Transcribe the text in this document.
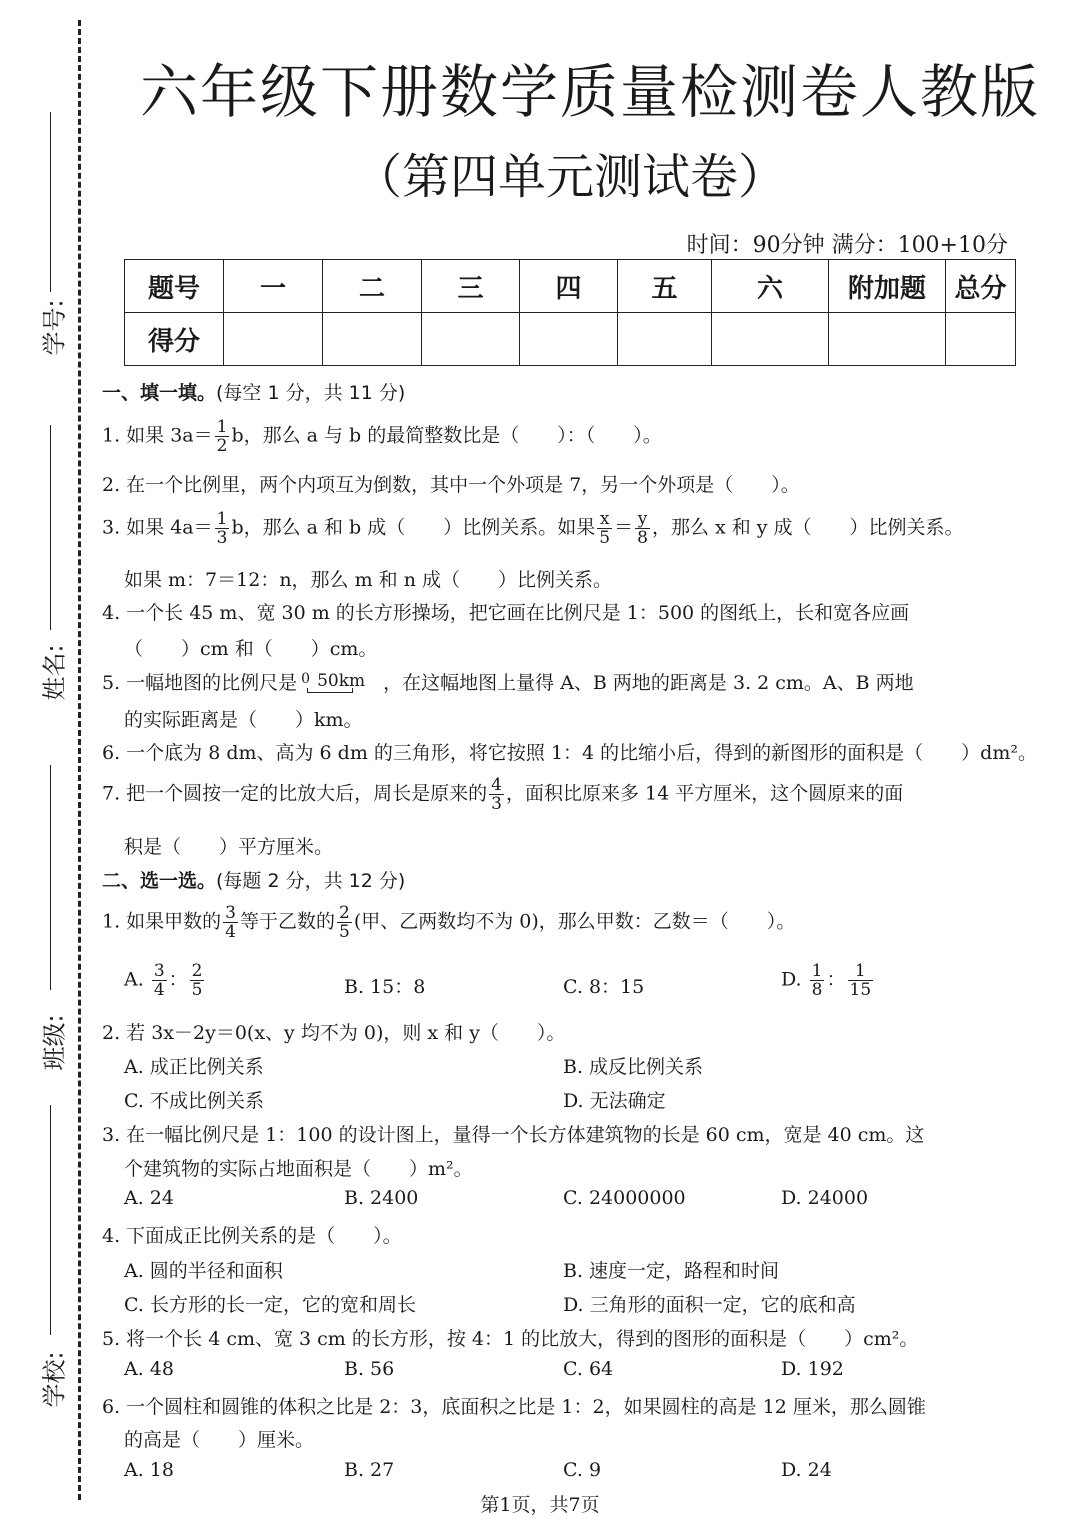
学号:
姓名:
班级:
学校:
六年级下册数学质量检测卷人教版
（第四单元测试卷）
时间：90分钟 满分：100+10分
题号	一	二	三	四	五	六	附加题	总分
得分								
一、填一填。(每空 1 分，共 11 分)
1. 如果 $3a= \frac{1}{2}$ b，那么 a 与 b 的最简整数比是（　　）：（　　）。
2. 在一个比例里，两个内项互为倒数，其中一个外项是 7，另一个外项是（　　）。
3. 如果 $4a= \frac{1}{3}$ b，那么 a 和 b 成（　　）比例关系。如果 $\frac{x}{5} = \frac{y}{8}$ ，那么 x 和 y 成（　　）比例关系。
如果 m：7＝12：n，那么 m 和 n 成（　　）比例关系。
4. 一个长 45 m、宽 30 m 的长方形操场，把它画在比例尺是 1：500 的图纸上，长和宽各应画
（　　）cm 和（　　）cm。
5. 一幅地图的比例尺是 0 50km ，在这幅地图上量得 A、B 两地的距离是 3. 2 cm。A、B 两地
的实际距离是（　　）km。
6. 一个底为 8 dm、高为 6 dm 的三角形，将它按照 1：4 的比缩小后，得到的新图形的面积是（　　）dm²。
7. 把一个圆按一定的比放大后，周长是原来的 $\frac{4}{3}$ ，面积比原来多 14 平方厘米，这个圆原来的面
积是（　　）平方厘米。
二、选一选。(每题 2 分，共 12 分)
1. 如果甲数的 $\frac{3}{4}$ 等于乙数的 $\frac{2}{5}$ (甲、乙两数均不为 0)，那么甲数：乙数＝（　　）。
A. $\frac{3}{4}$ ： $\frac{2}{5}$	B. 15：8	C. 8：15	D. $\frac{1}{8}$ ： $\frac{1}{15}$
2. 若 3x－2y＝0(x、y 均不为 0)，则 x 和 y（　　）。
A. 成正比例关系	B. 成反比例关系
C. 不成比例关系	D. 无法确定
3. 在一幅比例尺是 1：100 的设计图上，量得一个长方体建筑物的长是 60 cm，宽是 40 cm。这
个建筑物的实际占地面积是（　　）m²。
A. 24	B. 2400	C. 24000000	D. 24000
4. 下面成正比例关系的是（　　）。
A. 圆的半径和面积	B. 速度一定，路程和时间
C. 长方形的长一定，它的宽和周长	D. 三角形的面积一定，它的底和高
5. 将一个长 4 cm、宽 3 cm 的长方形，按 4：1 的比放大，得到的图形的面积是（　　）cm²。
A. 48	B. 56	C. 64	D. 192
6. 一个圆柱和圆锥的体积之比是 2：3，底面积之比是 1：2，如果圆柱的高是 12 厘米，那么圆锥
的高是（　　）厘米。
A. 18	B. 27	C. 9	D. 24
第1页，共7页
